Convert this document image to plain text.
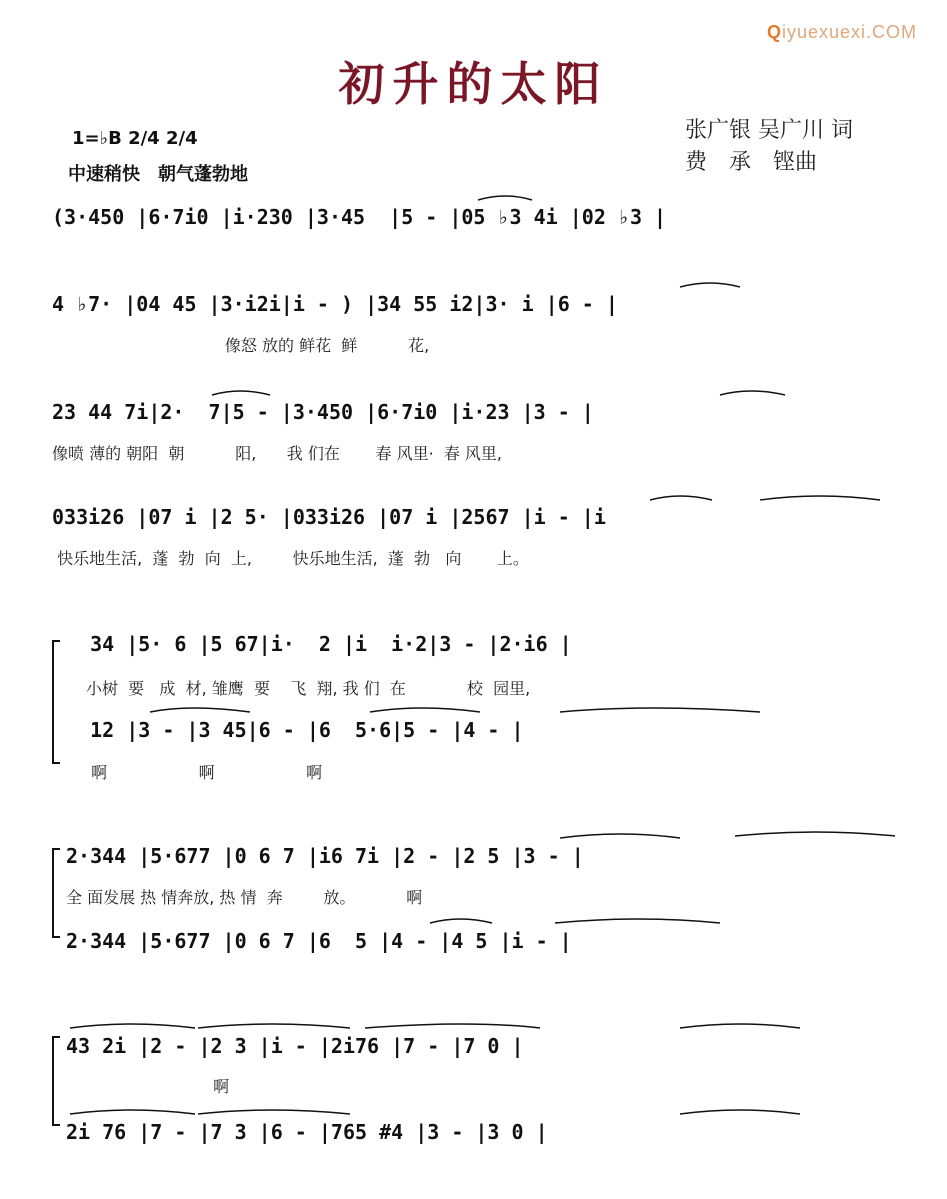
Qiyuexuexi.COM
初升的太阳
张广银 吴广川 词
费　承　铿曲
1=♭B 2/4 2/4
中速稍快　朝气蓬勃地
(3·450 |6·7i0 |i·230 |3·45  |5 - |05 ♭3 4i |02 ♭3 |
4 ♭7· |04 45 |3·i2i|i - ) |34 55 i2|3· i |6 - |
像怒 放的 鲜花  鲜          花,
23 44 7i|2·  7|5 - |3·450 |6·7i0 |i·23 |3 - |
像喷 薄的 朝阳  朝          阳,      我 们在       春 风里·  春 风里,
033i26 |07 i |2 5· |033i26 |07 i |2567 |i - |i
快乐地生活,  蓬  勃  向  上,        快乐地生活,  蓬  勃   向       上。
34 |5· 6 |5 67|i·  2 |i  i·2|3 - |2·i6 |
小树  要   成  材, 雏鹰  要    飞  翔, 我 们  在            校  园里,
12 |3 - |3 45|6 - |6  5·6|5 - |4 - |
啊                  啊                  啊
2·344 |5·677 |0 6 7 |i6 7i |2 - |2 5 |3 - |
全 面发展 热 情奔放, 热 情  奔        放。          啊
2·344 |5·677 |0 6 7 |6  5 |4 - |4 5 |i - |
43 2i |2 - |2 3 |i - |2i76 |7 - |7 0 |
啊
2i 76 |7 - |7 3 |6 - |765 #4 |3 - |3 0 |
